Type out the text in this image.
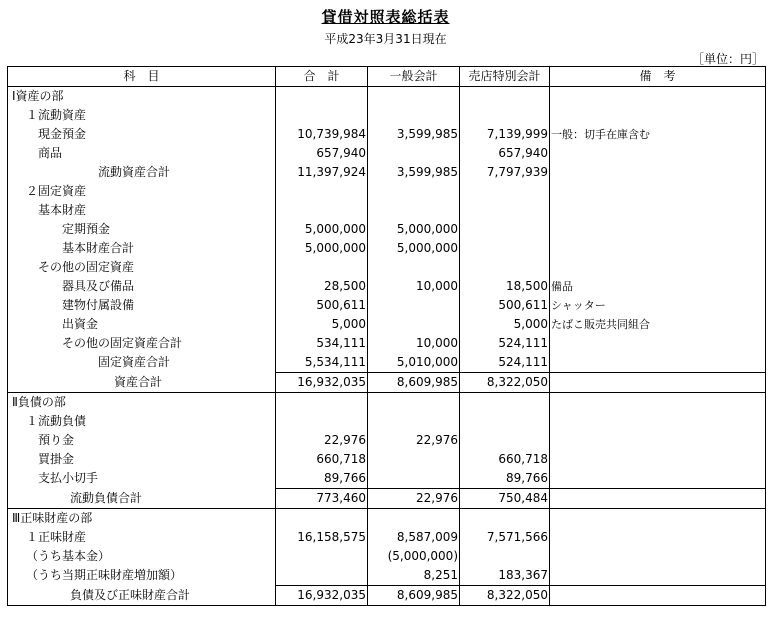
貸借対照表総括表
平成23年3月31日現在
［単位：円］
科　目	合　計	一般会計	売店特別会計	備　考
Ⅰ資産の部				
１流動資産				
現金預金	10,739,984	3,599,985	7,139,999	一般：切手在庫含む
商品	657,940		657,940	
流動資産合計	11,397,924	3,599,985	7,797,939	
２固定資産				
基本財産				
定期預金	5,000,000	5,000,000		
基本財産合計	5,000,000	5,000,000		
その他の固定資産				
器具及び備品	28,500	10,000	18,500	備品
建物付属設備	500,611		500,611	シャッター
出資金	5,000		5,000	たばこ販売共同組合
その他の固定資産合計	534,111	10,000	524,111	
固定資産合計	5,534,111	5,010,000	524,111	
資産合計	16,932,035	8,609,985	8,322,050	
Ⅱ負債の部				
１流動負債				
預り金	22,976	22,976		
買掛金	660,718		660,718	
支払小切手	89,766		89,766	
流動負債合計	773,460	22,976	750,484	
Ⅲ正味財産の部				
１正味財産	16,158,575	8,587,009	7,571,566	
（うち基本金）		(5,000,000)		
（うち当期正味財産増加額）		8,251	183,367	
負債及び正味財産合計	16,932,035	8,609,985	8,322,050	
